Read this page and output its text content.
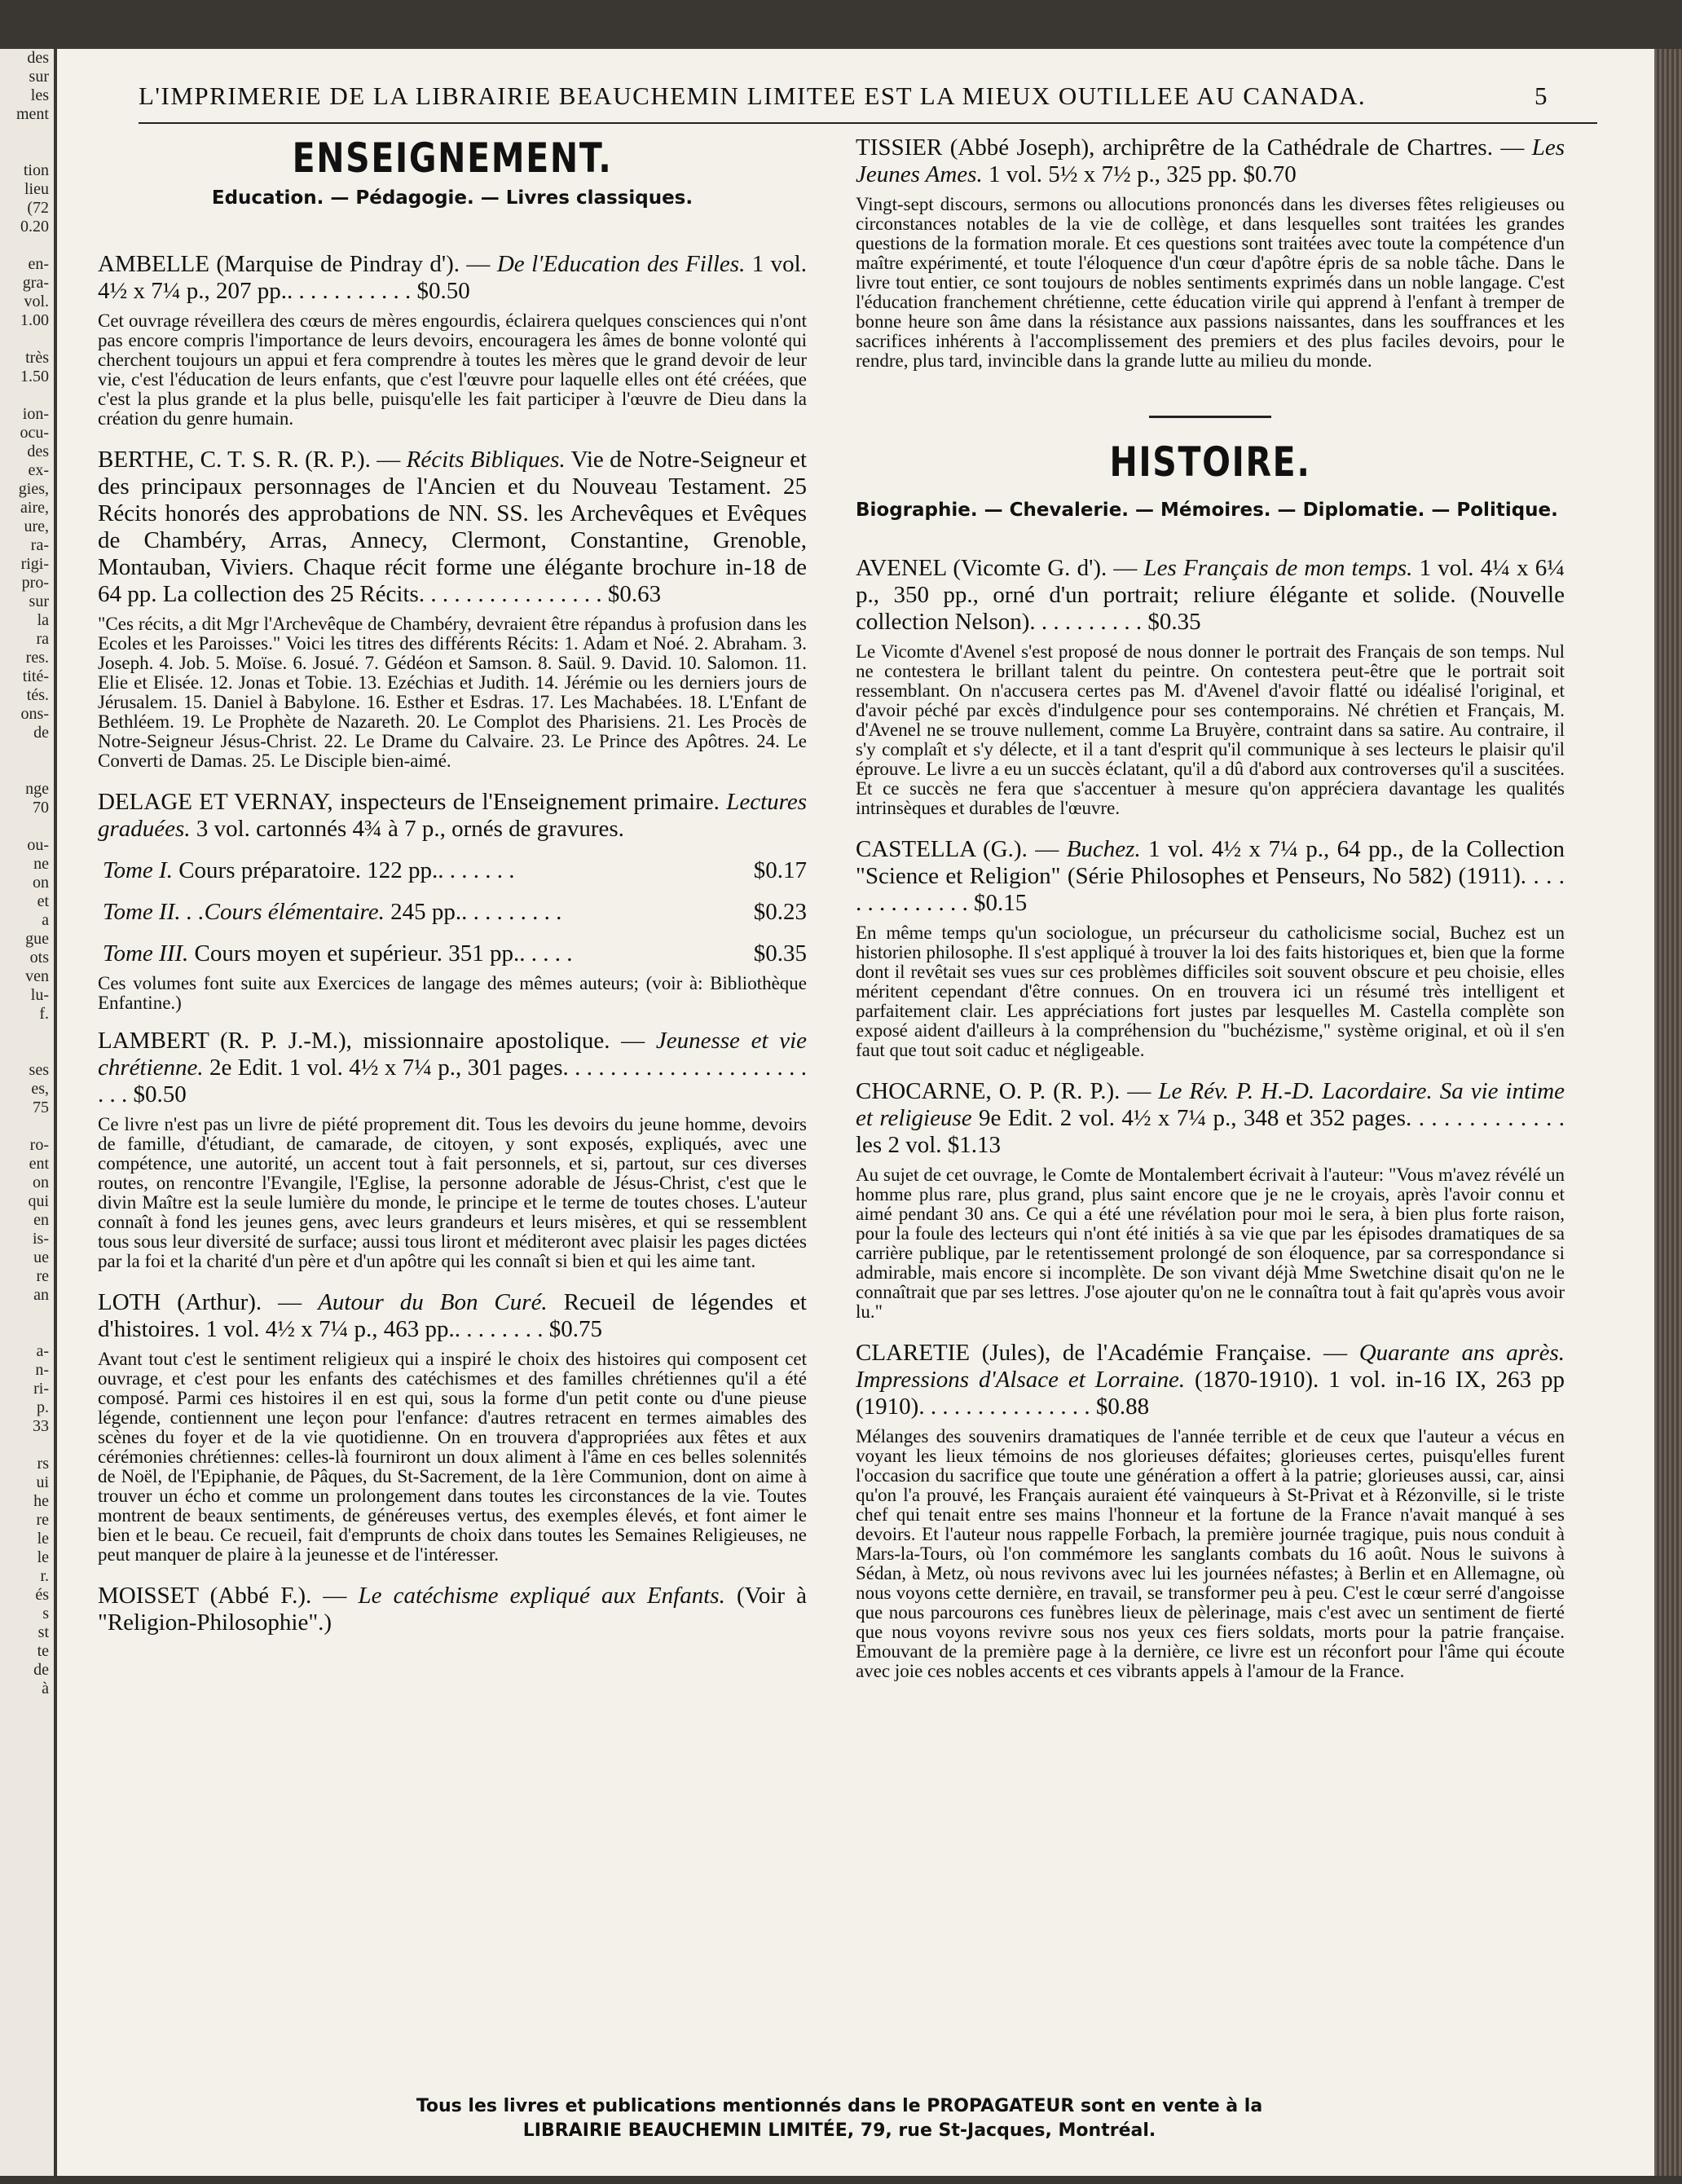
des
sur
les
ment

tion
lieu
(72
0.20

en-
gra-
vol.
1.00

très
1.50

ion-
ocu-
des
ex-
gies,
aire,
ure,
ra-
rigi-
pro-
sur
la
ra
res.
tité-
tés.
ons-
de

nge
70

ou-
ne
on
et
a
gue
ots
ven
lu-
f.

ses
es,
75

ro-
ent
on
qui
en
is-
ue
re
an

a-
n-
ri-
p.
33

rs
ui
he
re
le
le
r.
és
s
st
te
de
à
L'IMPRIMERIE DE LA LIBRAIRIE BEAUCHEMIN LIMITEE EST LA MIEUX OUTILLEE AU CANADA.	5

ENSEIGNEMENT.

Education. — Pédagogie. — Livres classiques.

AMBELLE (Marquise de Pindray d'). — De l'Education des Filles. 1 vol. 4½ x 7¼ p., 207 pp.. . . . . . . . . . . $0.50

Cet ouvrage réveillera des cœurs de mères engourdis, éclairera quelques consciences qui n'ont pas encore compris l'importance de leurs devoirs, encouragera les âmes de bonne volonté qui cherchent toujours un appui et fera comprendre à toutes les mères que le grand devoir de leur vie, c'est l'éducation de leurs enfants, que c'est l'œuvre pour laquelle elles ont été créées, que c'est la plus grande et la plus belle, puisqu'elle les fait participer à l'œuvre de Dieu dans la création du genre humain.

BERTHE, C. T. S. R. (R. P.). — Récits Bibliques. Vie de Notre-Seigneur et des principaux personnages de l'Ancien et du Nouveau Testament. 25 Récits honorés des approbations de NN. SS. les Archevêques et Evêques de Chambéry, Arras, Annecy, Clermont, Constantine, Grenoble, Montauban, Viviers. Chaque récit forme une élégante brochure in-18 de 64 pp. La collection des 25 Récits. . . . . . . . . . . . . . . . $0.63

"Ces récits, a dit Mgr l'Archevêque de Chambéry, devraient être répandus à profusion dans les Ecoles et les Paroisses." Voici les titres des différents Récits: 1. Adam et Noé. 2. Abraham. 3. Joseph. 4. Job. 5. Moïse. 6. Josué. 7. Gédéon et Samson. 8. Saül. 9. David. 10. Salomon. 11. Elie et Elisée. 12. Jonas et Tobie. 13. Ezéchias et Judith. 14. Jérémie ou les derniers jours de Jérusalem. 15. Daniel à Babylone. 16. Esther et Esdras. 17. Les Machabées. 18. L'Enfant de Bethléem. 19. Le Prophète de Nazareth. 20. Le Complot des Pharisiens. 21. Les Procès de Notre-Seigneur Jésus-Christ. 22. Le Drame du Calvaire. 23. Le Prince des Apôtres. 24. Le Converti de Damas. 25. Le Disciple bien-aimé.

DELAGE ET VERNAY, inspecteurs de l'Enseignement primaire. Lectures graduées. 3 vol. cartonnés 4¾ à 7 p., ornés de gravures.

Tome I. Cours préparatoire. 122 pp.. . . . . . .	$0.17

Tome II. . .Cours élémentaire. 245 pp.. . . . . . . . .	$0.23

Tome III. Cours moyen et supérieur. 351 pp.. . . . .	$0.35

Ces volumes font suite aux Exercices de langage des mêmes auteurs; (voir à: Bibliothèque Enfantine.)

LAMBERT (R. P. J.-M.), missionnaire apostolique. — Jeunesse et vie chrétienne. 2e Edit. 1 vol. 4½ x 7¼ p., 301 pages. . . . . . . . . . . . . . . . . . . . . . . . $0.50

Ce livre n'est pas un livre de piété proprement dit. Tous les devoirs du jeune homme, devoirs de famille, d'étudiant, de camarade, de citoyen, y sont exposés, expliqués, avec une compétence, une autorité, un accent tout à fait personnels, et si, partout, sur ces diverses routes, on rencontre l'Evangile, l'Eglise, la personne adorable de Jésus-Christ, c'est que le divin Maître est la seule lumière du monde, le principe et le terme de toutes choses. L'auteur connaît à fond les jeunes gens, avec leurs grandeurs et leurs misères, et qui se ressemblent tous sous leur diversité de surface; aussi tous liront et méditeront avec plaisir les pages dictées par la foi et la charité d'un père et d'un apôtre qui les connaît si bien et qui les aime tant.

LOTH (Arthur). — Autour du Bon Curé. Recueil de légendes et d'histoires. 1 vol. 4½ x 7¼ p., 463 pp.. . . . . . . . $0.75

Avant tout c'est le sentiment religieux qui a inspiré le choix des histoires qui composent cet ouvrage, et c'est pour les enfants des catéchismes et des familles chrétiennes qu'il a été composé. Parmi ces histoires il en est qui, sous la forme d'un petit conte ou d'une pieuse légende, contiennent une leçon pour l'enfance: d'autres retracent en termes aimables des scènes du foyer et de la vie quotidienne. On en trouvera d'appropriées aux fêtes et aux cérémonies chrétiennes: celles-là fourniront un doux aliment à l'âme en ces belles solennités de Noël, de l'Epiphanie, de Pâques, du St-Sacrement, de la 1ère Communion, dont on aime à trouver un écho et comme un prolongement dans toutes les circonstances de la vie. Toutes montrent de beaux sentiments, de généreuses vertus, des exemples élevés, et font aimer le bien et le beau. Ce recueil, fait d'emprunts de choix dans toutes les Semaines Religieuses, ne peut manquer de plaire à la jeunesse et de l'intéresser.

MOISSET (Abbé F.). — Le catéchisme expliqué aux Enfants. (Voir à "Religion-Philosophie".)

TISSIER (Abbé Joseph), archiprêtre de la Cathédrale de Chartres. — Les Jeunes Ames. 1 vol. 5½ x 7½ p., 325 pp. $0.70

Vingt-sept discours, sermons ou allocutions prononcés dans les diverses fêtes religieuses ou circonstances notables de la vie de collège, et dans lesquelles sont traitées les grandes questions de la formation morale. Et ces questions sont traitées avec toute la compétence d'un maître expérimenté, et toute l'éloquence d'un cœur d'apôtre épris de sa noble tâche. Dans le livre tout entier, ce sont toujours de nobles sentiments exprimés dans un noble langage. C'est l'éducation franchement chrétienne, cette éducation virile qui apprend à l'enfant à tremper de bonne heure son âme dans la résistance aux passions naissantes, dans les souffrances et les sacrifices inhérents à l'accomplissement des premiers et des plus faciles devoirs, pour le rendre, plus tard, invincible dans la grande lutte au milieu du monde.

HISTOIRE.

Biographie. — Chevalerie. — Mémoires. — Diplomatie. — Politique.

AVENEL (Vicomte G. d'). — Les Français de mon temps. 1 vol. 4¼ x 6¼ p., 350 pp., orné d'un portrait; reliure élégante et solide. (Nouvelle collection Nelson). . . . . . . . . . $0.35

Le Vicomte d'Avenel s'est proposé de nous donner le portrait des Français de son temps. Nul ne contestera le brillant talent du peintre. On contestera peut-être que le portrait soit ressemblant. On n'accusera certes pas M. d'Avenel d'avoir flatté ou idéalisé l'original, et d'avoir péché par excès d'indulgence pour ses contemporains. Né chrétien et Français, M. d'Avenel ne se trouve nullement, comme La Bruyère, contraint dans sa satire. Au contraire, il s'y complaît et s'y délecte, et il a tant d'esprit qu'il communique à ses lecteurs le plaisir qu'il éprouve. Le livre a eu un succès éclatant, qu'il a dû d'abord aux controverses qu'il a suscitées. Et ce succès ne fera que s'accentuer à mesure qu'on appréciera davantage les qualités intrinsèques et durables de l'œuvre.

CASTELLA (G.). — Buchez. 1 vol. 4½ x 7¼ p., 64 pp., de la Collection "Science et Religion" (Série Philosophes et Penseurs, No 582) (1911). . . . . . . . . . . . . . $0.15

En même temps qu'un sociologue, un précurseur du catholicisme social, Buchez est un historien philosophe. Il s'est appliqué à trouver la loi des faits historiques et, bien que la forme dont il revêtait ses vues sur ces problèmes difficiles soit souvent obscure et peu choisie, elles méritent cependant d'être connues. On en trouvera ici un résumé très intelligent et parfaitement clair. Les appréciations fort justes par lesquelles M. Castella complète son exposé aident d'ailleurs à la compréhension du "buchézisme," système original, et où il s'en faut que tout soit caduc et négligeable.

CHOCARNE, O. P. (R. P.). — Le Rév. P. H.-D. Lacordaire. Sa vie intime et religieuse 9e Edit. 2 vol. 4½ x 7¼ p., 348 et 352 pages. . . . . . . . . . . . . les 2 vol. $1.13

Au sujet de cet ouvrage, le Comte de Montalembert écrivait à l'auteur: "Vous m'avez révélé un homme plus rare, plus grand, plus saint encore que je ne le croyais, après l'avoir connu et aimé pendant 30 ans. Ce qui a été une révélation pour moi le sera, à bien plus forte raison, pour la foule des lecteurs qui n'ont été initiés à sa vie que par les épisodes dramatiques de sa carrière publique, par le retentissement prolongé de son éloquence, par sa correspondance si admirable, mais encore si incomplète. De son vivant déjà Mme Swetchine disait qu'on ne le connaîtrait que par ses lettres. J'ose ajouter qu'on ne le connaîtra tout à fait qu'après vous avoir lu."

CLARETIE (Jules), de l'Académie Française. — Quarante ans après. Impressions d'Alsace et Lorraine. (1870-1910). 1 vol. in-16 IX, 263 pp (1910). . . . . . . . . . . . . . . $0.88

Mélanges des souvenirs dramatiques de l'année terrible et de ceux que l'auteur a vécus en voyant les lieux témoins de nos glorieuses défaites; glorieuses certes, puisqu'elles furent l'occasion du sacrifice que toute une génération a offert à la patrie; glorieuses aussi, car, ainsi qu'on l'a prouvé, les Français auraient été vainqueurs à St-Privat et à Rézonville, si le triste chef qui tenait entre ses mains l'honneur et la fortune de la France n'avait manqué à ses devoirs. Et l'auteur nous rappelle Forbach, la première journée tragique, puis nous conduit à Mars-la-Tours, où l'on commémore les sanglants combats du 16 août. Nous le suivons à Sédan, à Metz, où nous revivons avec lui les journées néfastes; à Berlin et en Allemagne, où nous voyons cette dernière, en travail, se transformer peu à peu. C'est le cœur serré d'angoisse que nous parcourons ces funèbres lieux de pèlerinage, mais c'est avec un sentiment de fierté que nous voyons revivre sous nos yeux ces fiers soldats, morts pour la patrie française. Emouvant de la première page à la dernière, ce livre est un réconfort pour l'âme qui écoute avec joie ces nobles accents et ces vibrants appels à l'amour de la France.

Tous les livres et publications mentionnés dans le PROPAGATEUR sont en vente à la
LIBRAIRIE BEAUCHEMIN LIMITÉE, 79, rue St-Jacques, Montréal.
